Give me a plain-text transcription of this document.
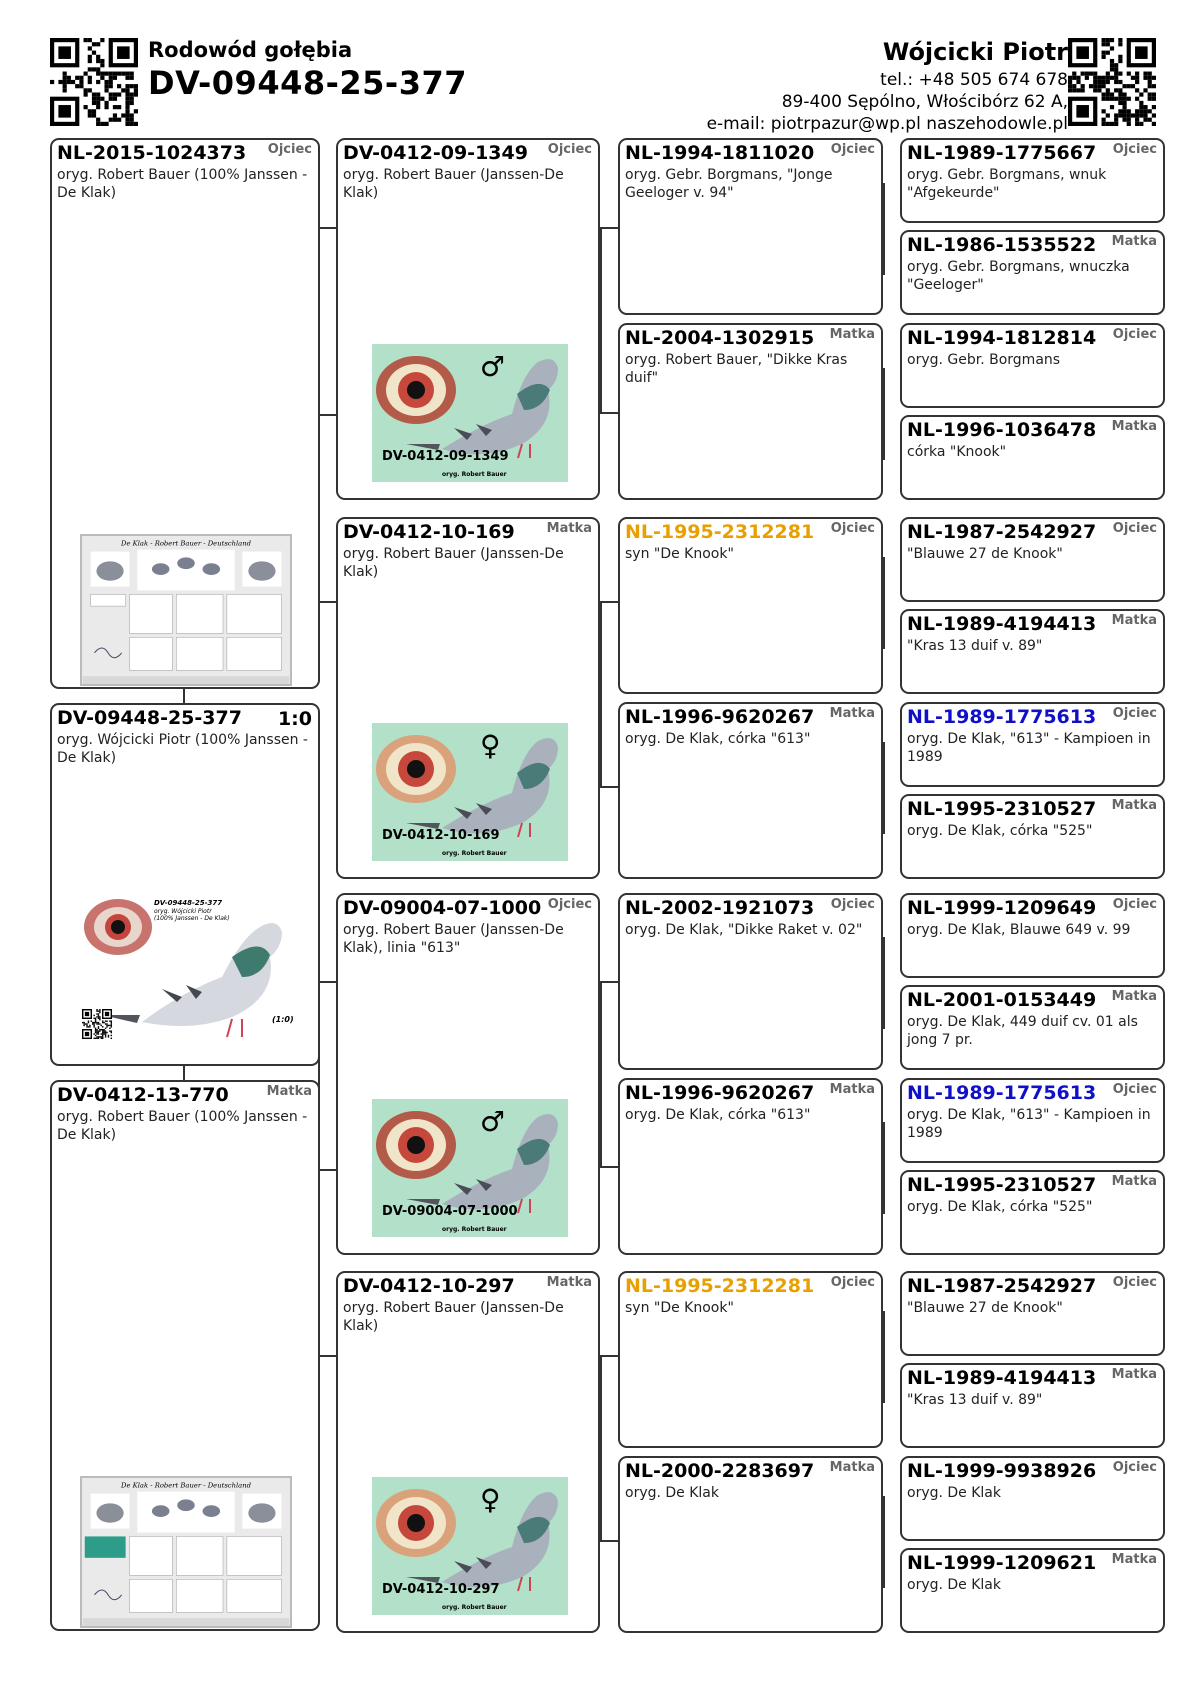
Rodowód gołębia
DV-09448-25-377
Wójcicki Piotr
tel.: +48 505 674 678
89-400 Sępólno, Włościbórz 62 A,
e-mail: piotrpazur@wp.pl naszehodowle.pl
NL-2015-1024373 Ojciec
oryg. Robert Bauer (100% Janssen - De Klak)
De Klak - Robert Bauer - Deutschland
DV-09448-25-377 1:0
oryg. Wójcicki Piotr (100% Janssen - De Klak)
DV-09448-25-377
oryg. Wójcicki Piotr
(100% Janssen - De Klak)
(1:0)
DV-0412-13-770	Matka
oryg. Robert Bauer (100% Janssen - De Klak)
De Klak - Robert Bauer - Deutschland
DV-0412-09-1349 Ojciec
oryg. Robert Bauer (Janssen-De Klak)
♂
DV-0412-09-1349
oryg. Robert Bauer
DV-0412-10-169 Matka
oryg. Robert Bauer (Janssen-De Klak)
♀
DV-0412-10-169
oryg. Robert Bauer
DV-09004-07-1000 Ojciec
oryg. Robert Bauer (Janssen-De Klak), linia "613"
♂
DV-09004-07-1000
oryg. Robert Bauer
DV-0412-10-297 Matka
oryg. Robert Bauer (Janssen-De Klak)
♀
DV-0412-10-297
oryg. Robert Bauer
NL-1994-1811020 Ojciec
oryg. Gebr. Borgmans, "Jonge Geeloger v. 94"
NL-2004-1302915 Matka
oryg. Robert Bauer, "Dikke Kras duif"
NL-1995-2312281 Ojciec
syn "De Knook"
NL-1996-9620267 Matka
oryg. De Klak, córka "613"
NL-2002-1921073 Ojciec
oryg. De Klak, "Dikke Raket v. 02"
NL-1996-9620267 Matka
oryg. De Klak, córka "613"
NL-1995-2312281 Ojciec
syn "De Knook"
NL-2000-2283697 Matka
oryg. De Klak
NL-1989-1775667 Ojciec
oryg. Gebr. Borgmans, wnuk "Afgekeurde"
NL-1986-1535522 Matka
oryg. Gebr. Borgmans, wnuczka "Geeloger"
NL-1994-1812814 Ojciec
oryg. Gebr. Borgmans
NL-1996-1036478 Matka
córka "Knook"
NL-1987-2542927 Ojciec
"Blauwe 27 de Knook"
NL-1989-4194413 Matka
"Kras 13 duif v. 89"
NL-1989-1775613 Ojciec
oryg. De Klak, "613" - Kampioen in 1989
NL-1995-2310527 Matka
oryg. De Klak, córka "525"
NL-1999-1209649 Ojciec
oryg. De Klak, Blauwe 649 v. 99
NL-2001-0153449 Matka
oryg. De Klak, 449 duif cv. 01 als jong 7 pr.
NL-1989-1775613 Ojciec
oryg. De Klak, "613" - Kampioen in 1989
NL-1995-2310527 Matka
oryg. De Klak, córka "525"
NL-1987-2542927 Ojciec
"Blauwe 27 de Knook"
NL-1989-4194413 Matka
"Kras 13 duif v. 89"
NL-1999-9938926 Ojciec
oryg. De Klak
NL-1999-1209621 Matka
oryg. De Klak
